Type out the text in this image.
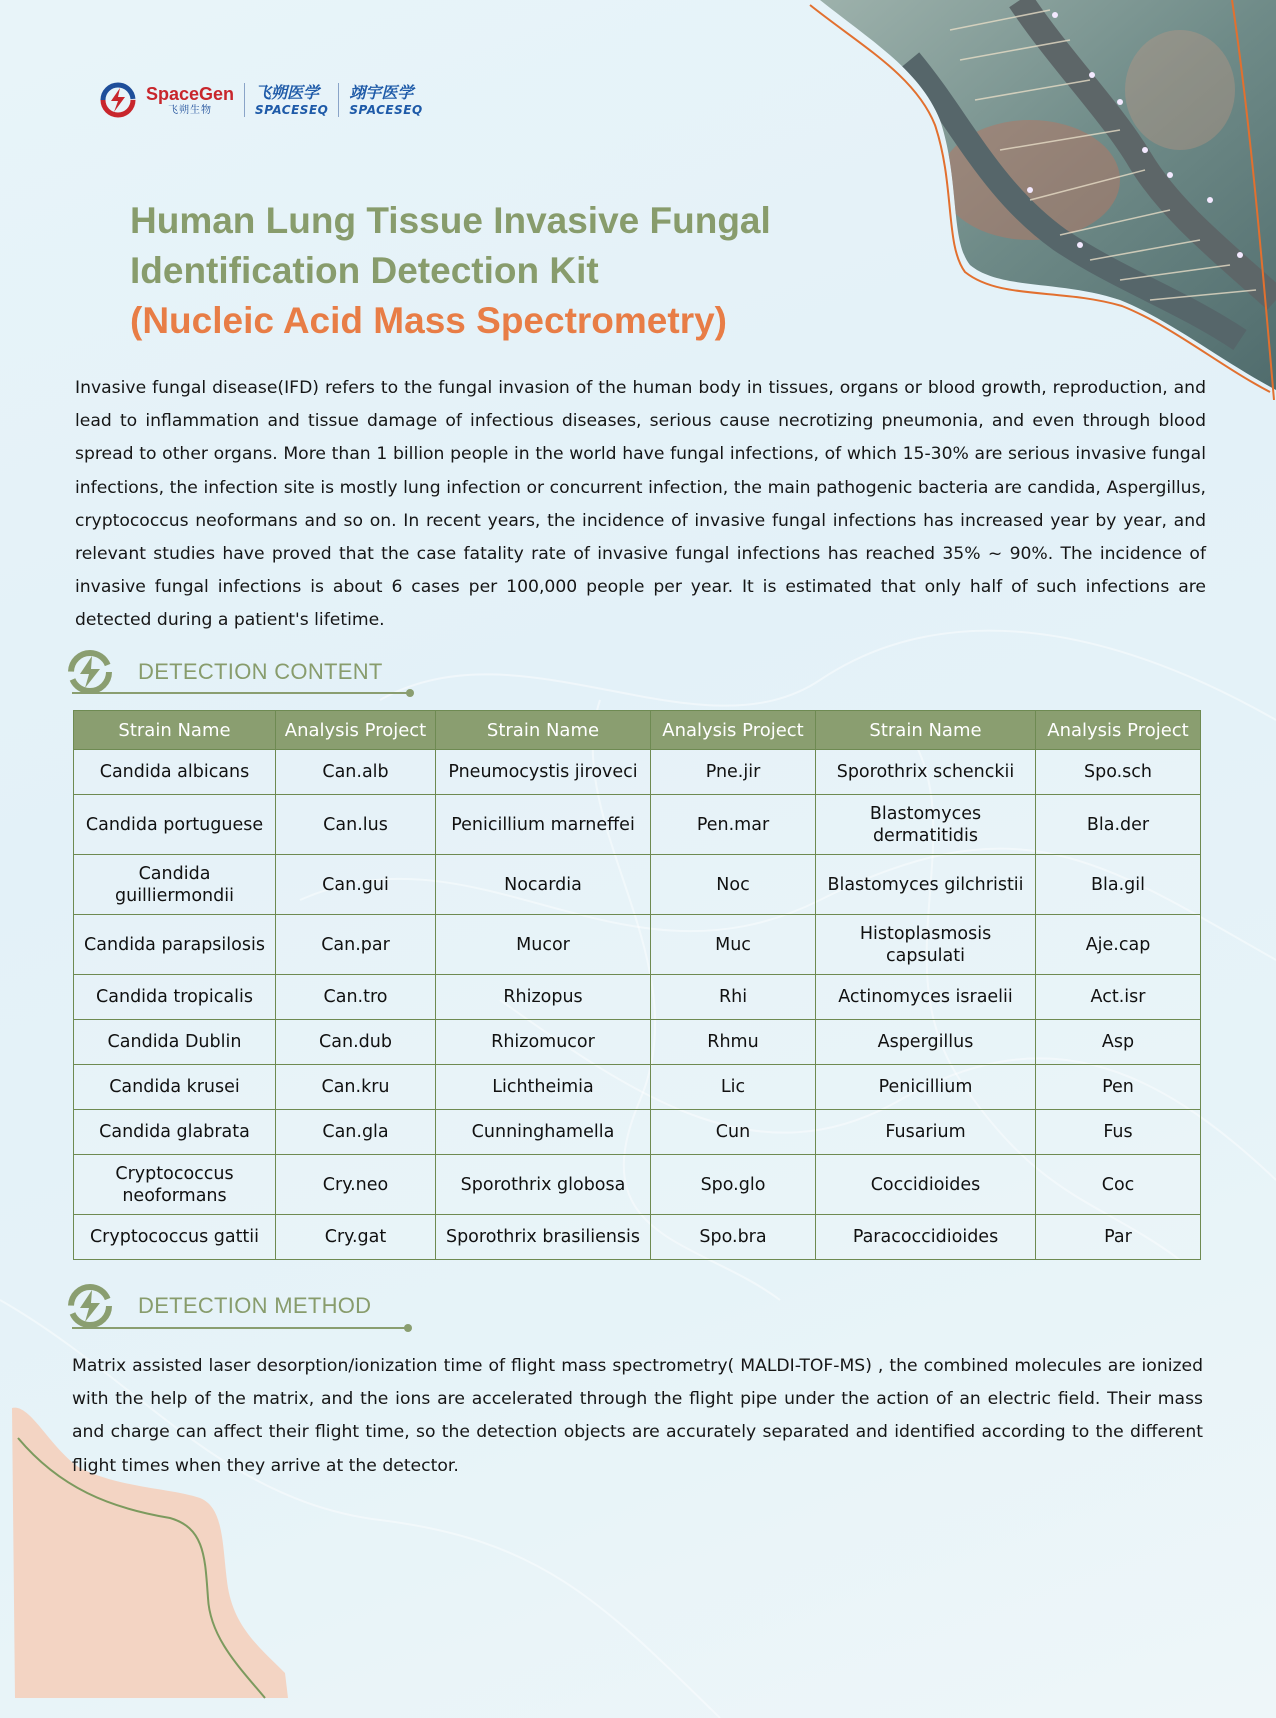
SpaceGen
飞朔生物
飞朔医学
SPACESEQ
翊宇医学
SPACESEQ
Human Lung Tissue Invasive Fungal
Identification Detection Kit
(Nucleic Acid Mass Spectrometry)

Invasive fungal disease(IFD) refers to the fungal invasion of the human body in tissues, organs or blood growth, reproduction, and lead to inflammation and tissue damage of infectious diseases, serious cause necrotizing pneumonia, and even through blood spread to other organs. More than 1 billion people in the world have fungal infections, of which 15-30% are serious invasive fungal infections, the infection site is mostly lung infection or concurrent infection, the main pathogenic bacteria are candida, Aspergillus, cryptococcus neoformans and so on. In recent years, the incidence of invasive fungal infections has increased year by year, and relevant studies have proved that the case fatality rate of invasive fungal infections has reached 35% ~ 90%. The incidence of invasive fungal infections is about 6 cases per 100,000 people per year. It is estimated that only half of such infections are detected during a patient's lifetime.

DETECTION CONTENT
Strain Name	Analysis Project	Strain Name	Analysis Project	Strain Name	Analysis Project
Candida albicans	Can.alb	Pneumocystis jiroveci	Pne.jir	Sporothrix schenckii	Spo.sch
Candida portuguese	Can.lus	Penicillium marneffei	Pen.mar	Blastomyces dermatitidis	Bla.der
Candida guilliermondii	Can.gui	Nocardia	Noc	Blastomyces gilchristii	Bla.gil
Candida parapsilosis	Can.par	Mucor	Muc	Histoplasmosis capsulati	Aje.cap
Candida tropicalis	Can.tro	Rhizopus	Rhi	Actinomyces israelii	Act.isr
Candida Dublin	Can.dub	Rhizomucor	Rhmu	Aspergillus	Asp
Candida krusei	Can.kru	Lichtheimia	Lic	Penicillium	Pen
Candida glabrata	Can.gla	Cunninghamella	Cun	Fusarium	Fus
Cryptococcus neoformans	Cry.neo	Sporothrix globosa	Spo.glo	Coccidioides	Coc
Cryptococcus gattii	Cry.gat	Sporothrix brasiliensis	Spo.bra	Paracoccidioides	Par
DETECTION METHOD

Matrix assisted laser desorption/ionization time of flight mass spectrometry( MALDI-TOF-MS) , the combined molecules are ionized with the help of the matrix, and the ions are accelerated through the flight pipe under the action of an electric field. Their mass and charge can affect their flight time, so the detection objects are accurately separated and identified according to the different flight times when they arrive at the detector.
